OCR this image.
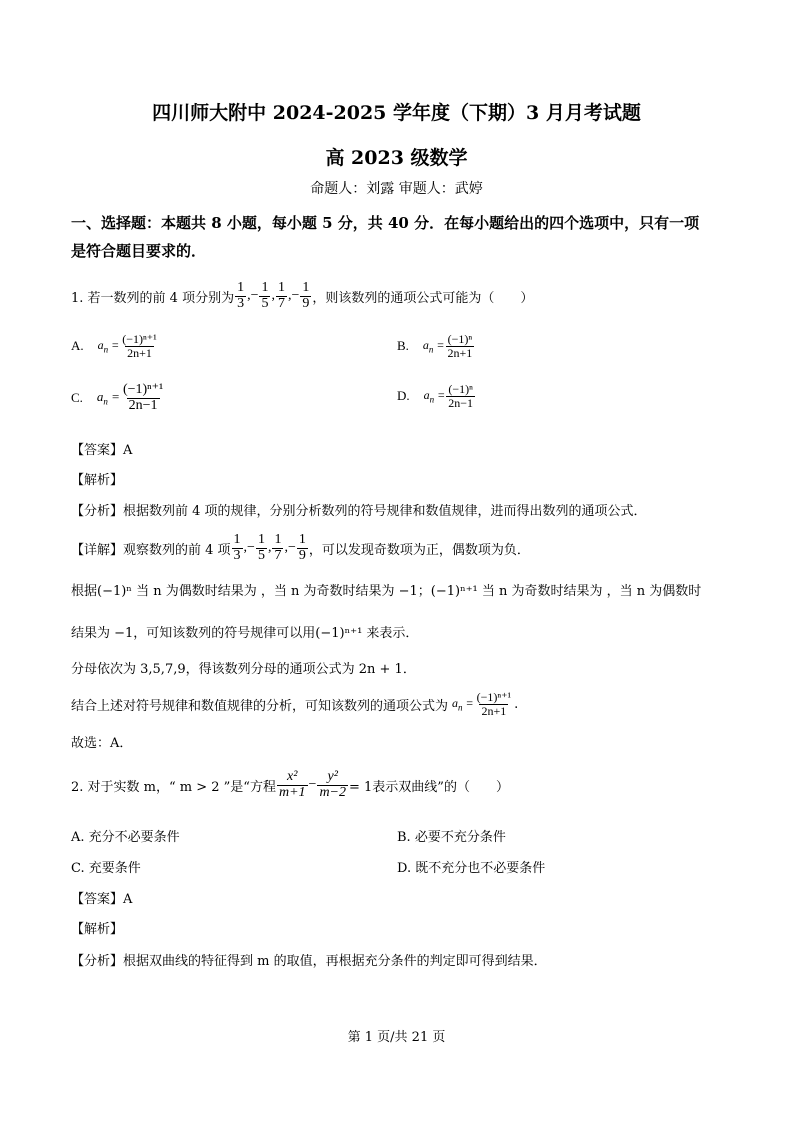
四川师大附中 2024-2025 学年度（下期）3 月月考试题
高 2023 级数学
命题人：刘露 审题人：武婷
一、选择题：本题共 8 小题，每小题 5 分，共 40 分．在每小题给出的四个选项中，只有一项
是符合题目要求的．
1. 若一数列的前 4 项分别为 $\frac{1}{3}$ ,− $\frac{1}{5}$ , $\frac{1}{7}$ ,− $\frac{1}{9}$ ，则该数列的通项公式可能为（　　）
A. $a_n = \frac{\text{(−1)ⁿ⁺¹}}{2n+1}$	B. $a_n = \frac{\text{(−1)ⁿ}}{2n+1}$
C. $a_n = \frac{\text{(−1)ⁿ⁺¹}}{2n-1}$	D. $a_n = \frac{\text{(−1)ⁿ}}{2n-1}$
【答案】A
【解析】
【分析】根据数列前 4 项的规律，分别分析数列的符号规律和数值规律，进而得出数列的通项公式．
【详解】观察数列的前 4 项 $\frac{1}{3}$ ,− $\frac{1}{5}$ , $\frac{1}{7}$ ,− $\frac{1}{9}$ ，可以发现奇数项为正，偶数项为负．
根据(−1)ⁿ 当 n 为偶数时结果为 ，当 n 为奇数时结果为 −1；(−1)ⁿ⁺¹ 当 n 为奇数时结果为 ，当 n 为偶数时
结果为 −1，可知该数列的符号规律可以用(−1)ⁿ⁺¹ 来表示．
分母依次为 3,5,7,9，得该数列分母的通项公式为 2n + 1．
结合上述对符号规律和数值规律的分析，可知该数列的通项公式为 $a_n = \frac{\text{(−1)ⁿ⁺¹}}{2n+1}$ .
故选：A．
2. 对于实数 m，“ m > 2 ”是“方程 $\frac{\text{x²}}{m+1} - \frac{\text{y²}}{m-2} = 1$表示双曲线”的（　　）
A. 充分不必要条件	B. 必要不充分条件
C. 充要条件	D. 既不充分也不必要条件
【答案】A
【解析】
【分析】根据双曲线的特征得到 m 的取值，再根据充分条件的判定即可得到结果．
第 1 页/共 21 页
